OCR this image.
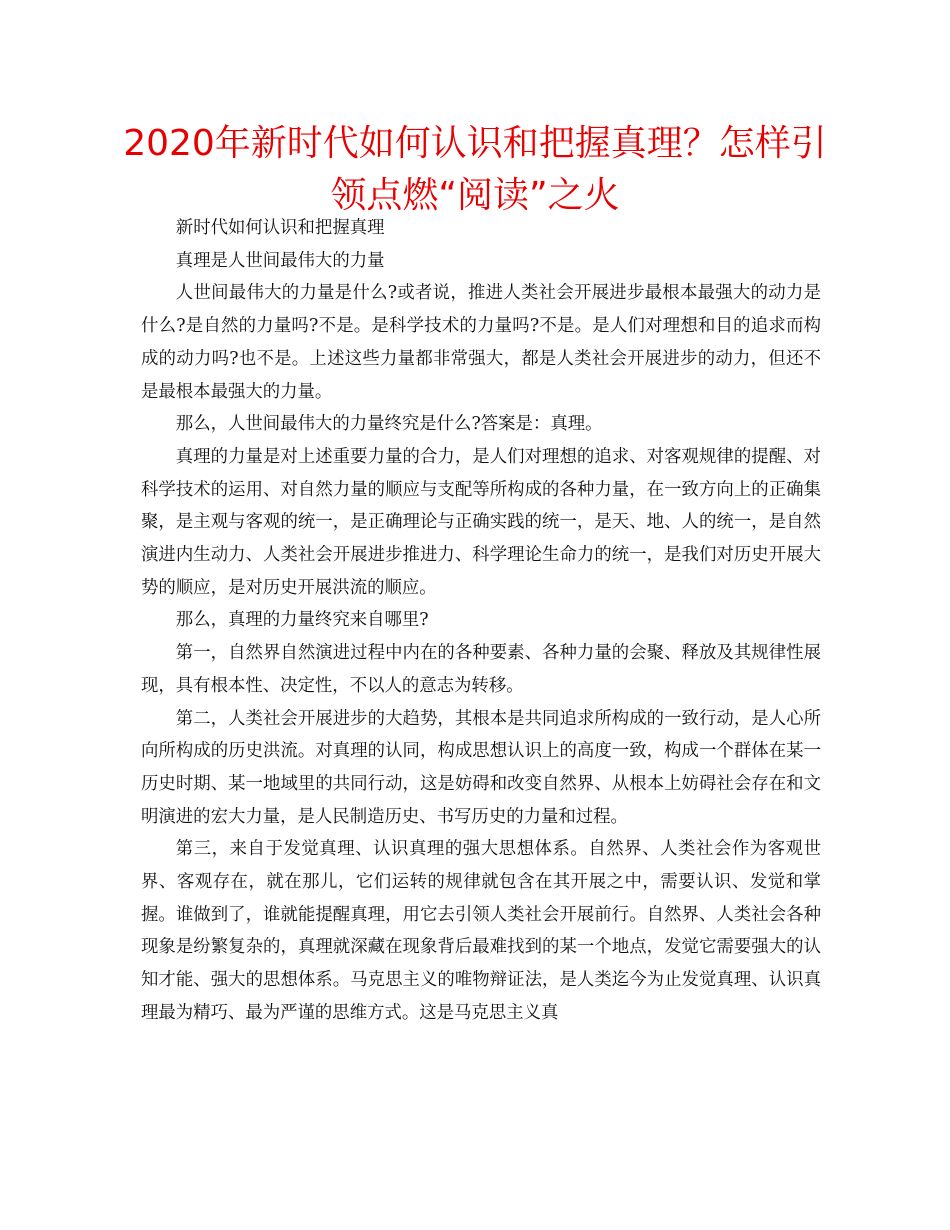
2020年新时代如何认识和把握真理？怎样引领点燃“阅读”之火

新时代如何认识和把握真理

真理是人世间最伟大的力量

人世间最伟大的力量是什么?或者说，推进人类社会开展进步最根本最强大的动力是什么?是自然的力量吗?不是。是科学技术的力量吗?不是。是人们对理想和目的追求而构成的动力吗?也不是。上述这些力量都非常强大，都是人类社会开展进步的动力，但还不是最根本最强大的力量。

那么，人世间最伟大的力量终究是什么?答案是：真理。

真理的力量是对上述重要力量的合力，是人们对理想的追求、对客观规律的提醒、对科学技术的运用、对自然力量的顺应与支配等所构成的各种力量，在一致方向上的正确集聚，是主观与客观的统一，是正确理论与正确实践的统一，是天、地、人的统一，是自然演进内生动力、人类社会开展进步推进力、科学理论生命力的统一，是我们对历史开展大势的顺应，是对历史开展洪流的顺应。

那么，真理的力量终究来自哪里?

第一，自然界自然演进过程中内在的各种要素、各种力量的会聚、释放及其规律性展现，具有根本性、决定性，不以人的意志为转移。

第二，人类社会开展进步的大趋势，其根本是共同追求所构成的一致行动，是人心所向所构成的历史洪流。对真理的认同，构成思想认识上的高度一致，构成一个群体在某一历史时期、某一地域里的共同行动，这是妨碍和改变自然界、从根本上妨碍社会存在和文明演进的宏大力量，是人民制造历史、书写历史的力量和过程。

第三，来自于发觉真理、认识真理的强大思想体系。自然界、人类社会作为客观世界、客观存在，就在那儿，它们运转的规律就包含在其开展之中，需要认识、发觉和掌握。谁做到了，谁就能提醒真理，用它去引领人类社会开展前行。自然界、人类社会各种现象是纷繁复杂的，真理就深藏在现象背后最难找到的某一个地点，发觉它需要强大的认知才能、强大的思想体系。马克思主义的唯物辩证法，是人类迄今为止发觉真理、认识真理最为精巧、最为严谨的思维方式。这是马克思主义真
